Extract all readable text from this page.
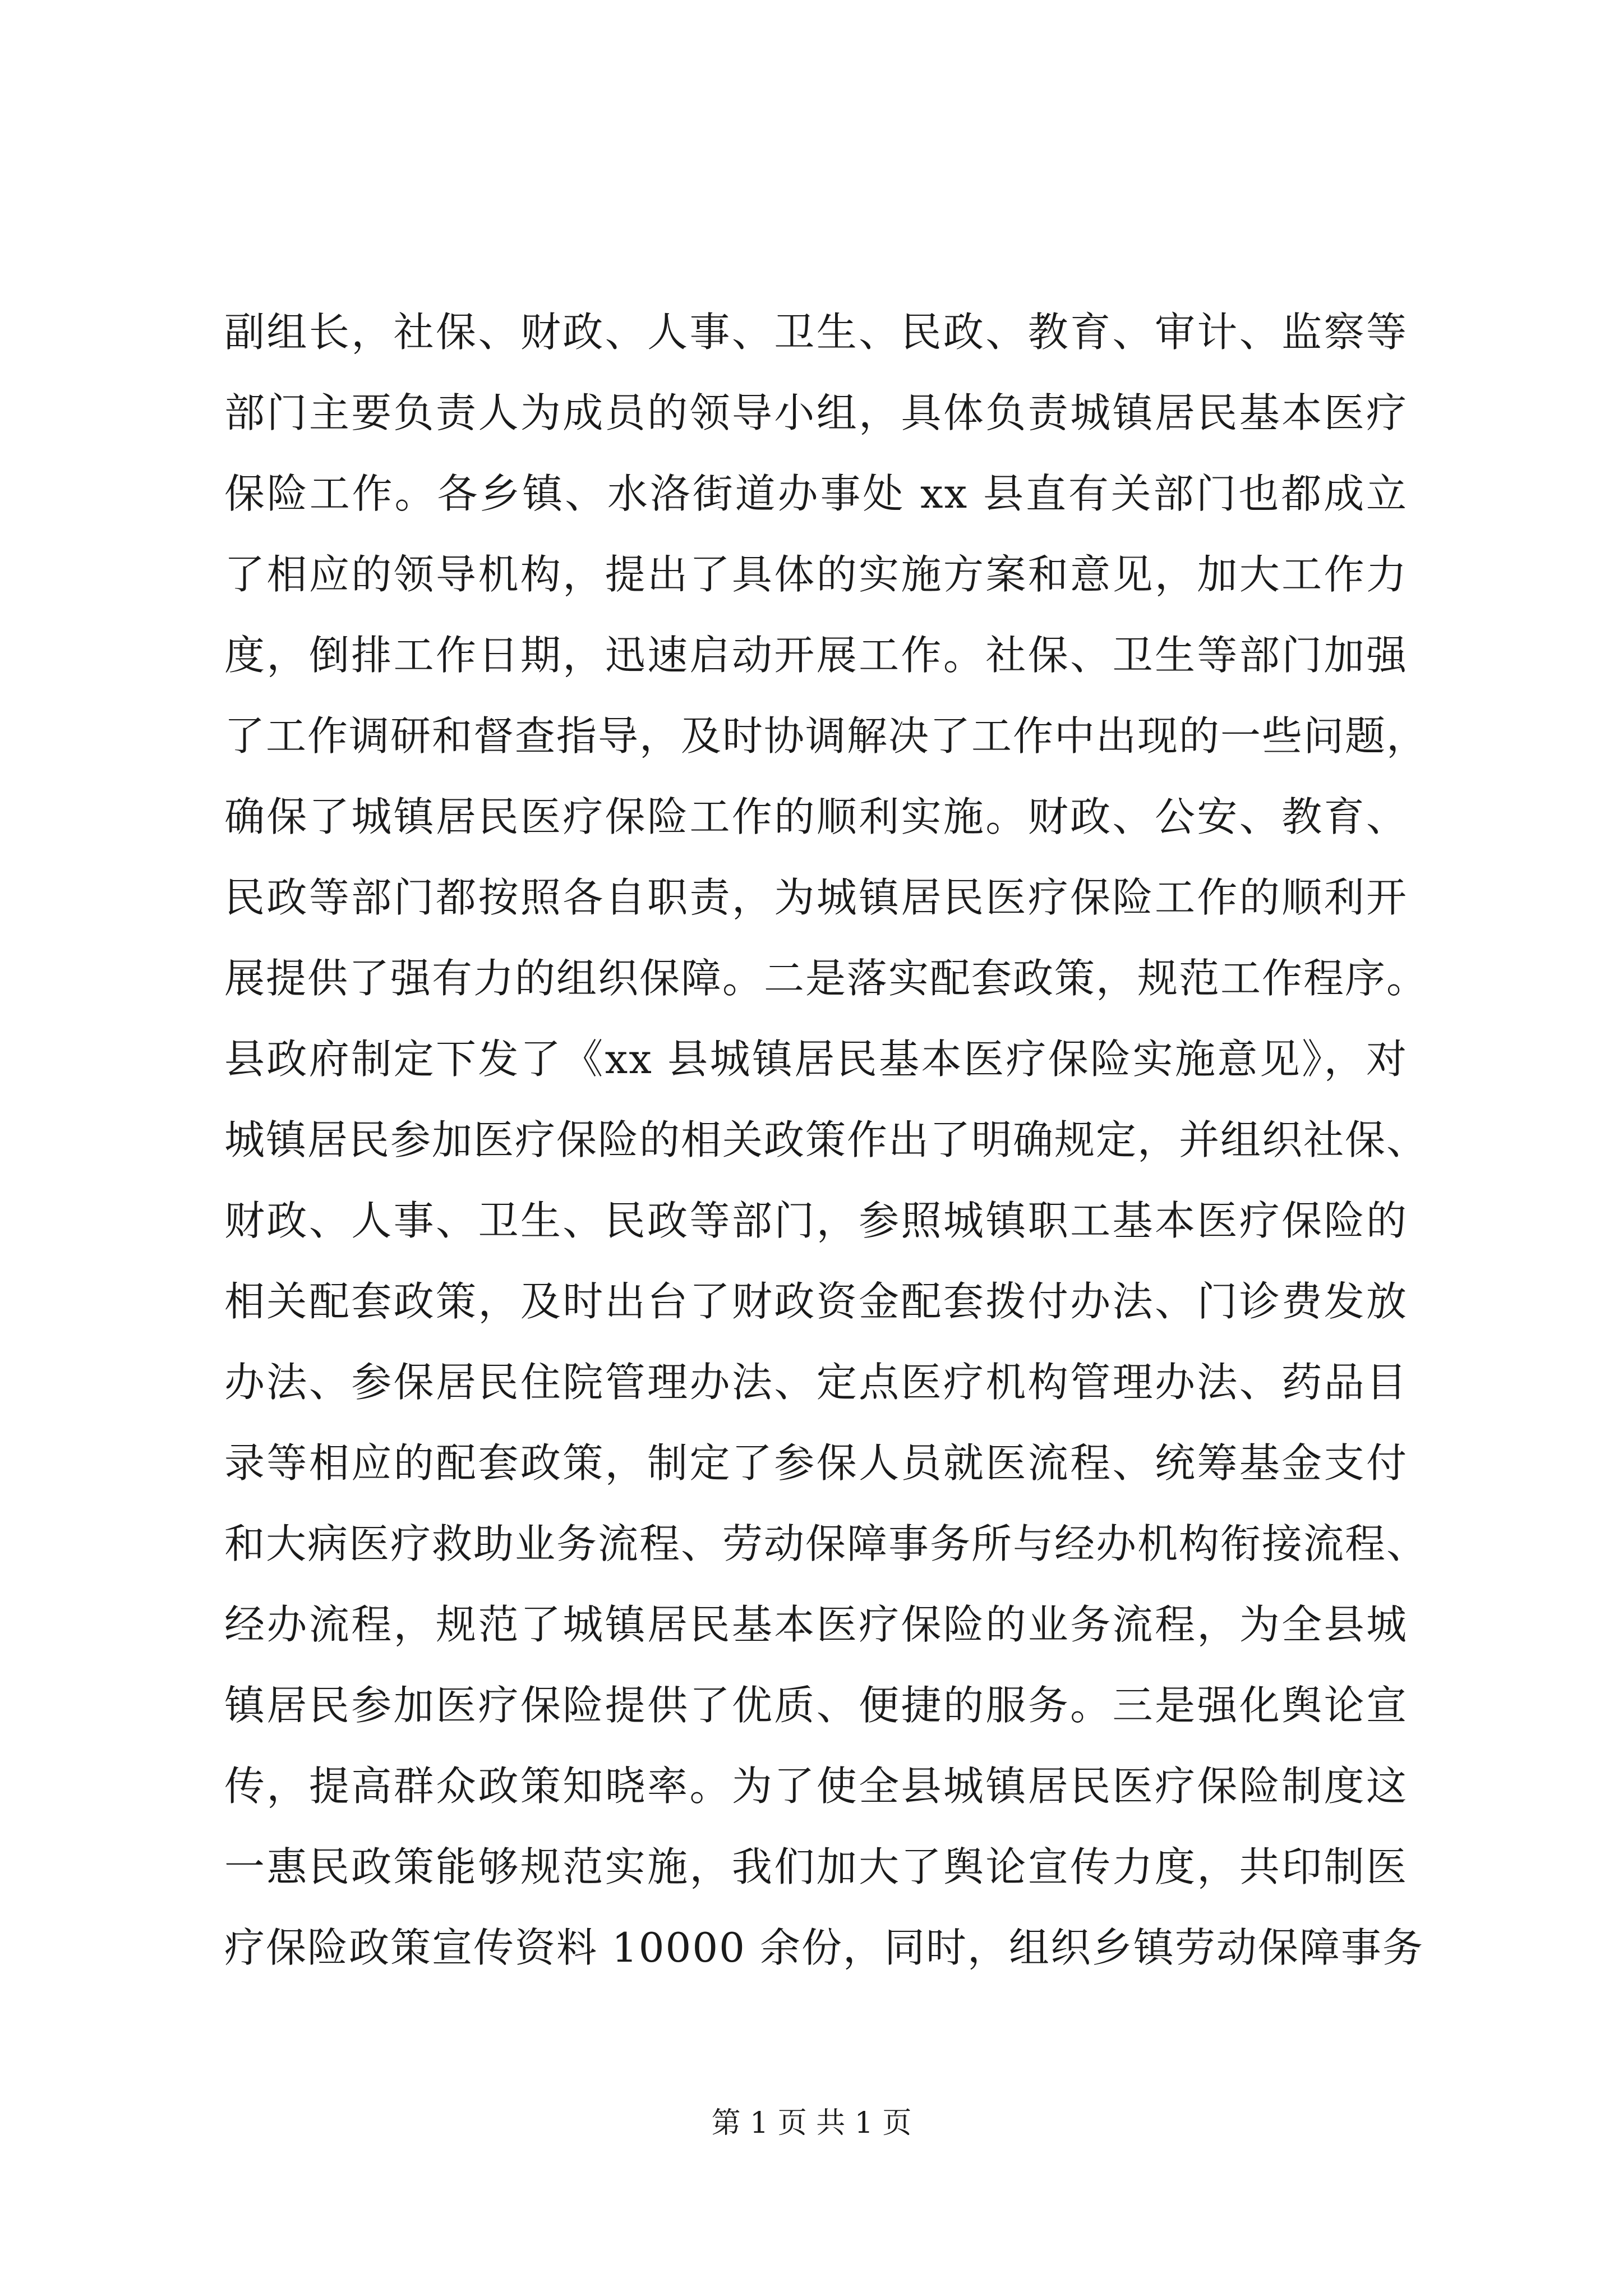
副组长，社保、财政、人事、卫生、民政、教育、审计、监察等
部门主要负责人为成员的领导小组，具体负责城镇居民基本医疗
保险工作。各乡镇、水洛街道办事处 xx 县直有关部门也都成立
了相应的领导机构，提出了具体的实施方案和意见，加大工作力
度，倒排工作日期，迅速启动开展工作。社保、卫生等部门加强
了工作调研和督查指导，及时协调解决了工作中出现的一些问题，
确保了城镇居民医疗保险工作的顺利实施。财政、公安、教育、
民政等部门都按照各自职责，为城镇居民医疗保险工作的顺利开
展提供了强有力的组织保障。二是落实配套政策，规范工作程序。
县政府制定下发了《xx 县城镇居民基本医疗保险实施意见》，对
城镇居民参加医疗保险的相关政策作出了明确规定，并组织社保、
财政、人事、卫生、民政等部门，参照城镇职工基本医疗保险的
相关配套政策，及时出台了财政资金配套拨付办法、门诊费发放
办法、参保居民住院管理办法、定点医疗机构管理办法、药品目
录等相应的配套政策，制定了参保人员就医流程、统筹基金支付
和大病医疗救助业务流程、劳动保障事务所与经办机构衔接流程、
经办流程，规范了城镇居民基本医疗保险的业务流程，为全县城
镇居民参加医疗保险提供了优质、便捷的服务。三是强化舆论宣
传，提高群众政策知晓率。为了使全县城镇居民医疗保险制度这
一惠民政策能够规范实施，我们加大了舆论宣传力度，共印制医
疗保险政策宣传资料 10000 余份，同时，组织乡镇劳动保障事务
第 1 页 共 1 页
